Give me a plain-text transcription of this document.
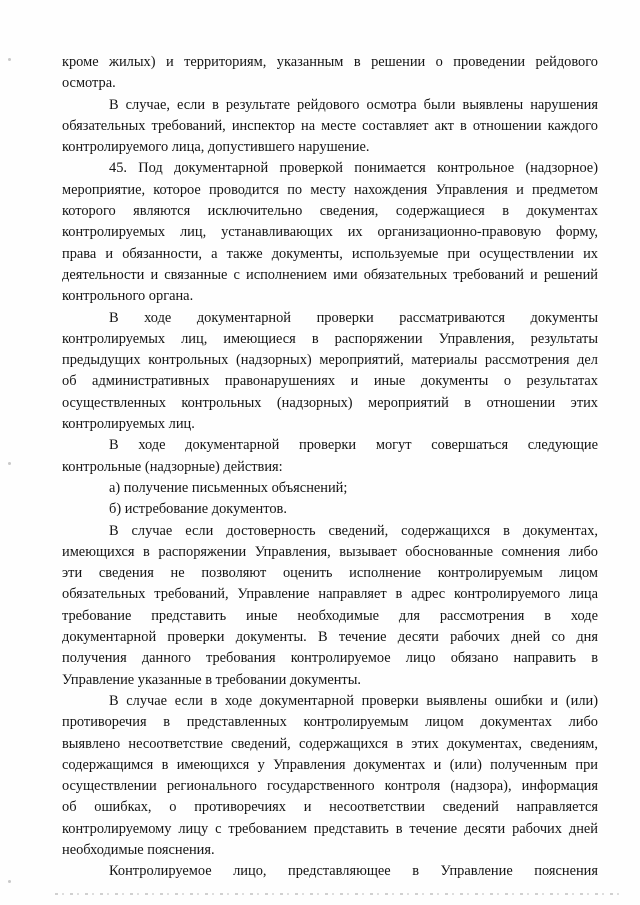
кроме жилых) и территориям, указанным в решении о проведении рейдового
осмотра.
В случае, если в результате рейдового осмотра были выявлены нарушения
обязательных требований, инспектор на месте составляет акт в отношении каждого
контролируемого лица, допустившего нарушение.
45. Под документарной проверкой понимается контрольное (надзорное)
мероприятие, которое проводится по месту нахождения Управления и предметом
которого являются исключительно сведения, содержащиеся в документах
контролируемых лиц, устанавливающих их организационно-правовую форму,
права и обязанности, а также документы, используемые при осуществлении их
деятельности и связанные с исполнением ими обязательных требований и решений
контрольного органа.
В ходе документарной проверки рассматриваются документы
контролируемых лиц, имеющиеся в распоряжении Управления, результаты
предыдущих контрольных (надзорных) мероприятий, материалы рассмотрения дел
об административных правонарушениях и иные документы о результатах
осуществленных контрольных (надзорных) мероприятий в отношении этих
контролируемых лиц.
В ходе документарной проверки могут совершаться следующие
контрольные (надзорные) действия:
а) получение письменных объяснений;
б) истребование документов.
В случае если достоверность сведений, содержащихся в документах,
имеющихся в распоряжении Управления, вызывает обоснованные сомнения либо
эти сведения не позволяют оценить исполнение контролируемым лицом
обязательных требований, Управление направляет в адрес контролируемого лица
требование представить иные необходимые для рассмотрения в ходе
документарной проверки документы. В течение десяти рабочих дней со дня
получения данного требования контролируемое лицо обязано направить в
Управление указанные в требовании документы.
В случае если в ходе документарной проверки выявлены ошибки и (или)
противоречия в представленных контролируемым лицом документах либо
выявлено несоответствие сведений, содержащихся в этих документах, сведениям,
содержащимся в имеющихся у Управления документах и (или) полученным при
осуществлении регионального государственного контроля (надзора), информация
об ошибках, о противоречиях и несоответствии сведений направляется
контролируемому лицу с требованием представить в течение десяти рабочих дней
необходимые пояснения.
Контролируемое лицо, представляющее в Управление пояснения
